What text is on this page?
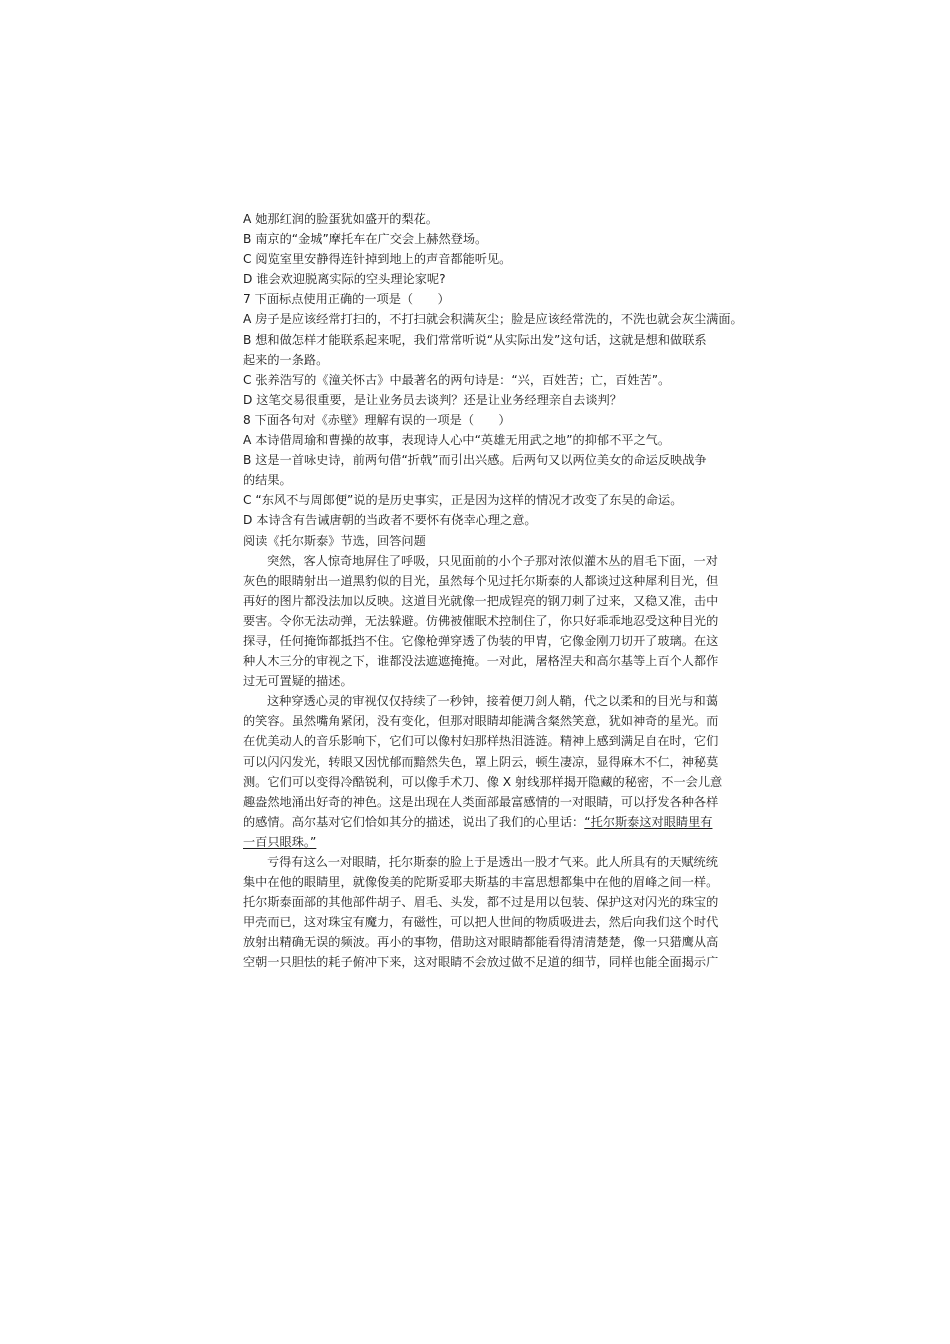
A 她那红润的脸蛋犹如盛开的梨花。
B 南京的“金城”摩托车在广交会上赫然登场。
C 阅览室里安静得连针掉到地上的声音都能听见。
D 谁会欢迎脱离实际的空头理论家呢?
7 下面标点使用正确的一项是（　　）
A 房子是应该经常打扫的，不打扫就会积满灰尘；脸是应该经常洗的，不洗也就会灰尘满面。
B 想和做怎样才能联系起来呢，我们常常听说“从实际出发”这句话，这就是想和做联系
起来的一条路。
C 张养浩写的《潼关怀古》中最著名的两句诗是：“兴，百姓苦；亡，百姓苦”。
D 这笔交易很重要，是让业务员去谈判？还是让业务经理亲自去谈判？
8 下面各句对《赤壁》理解有误的一项是（　　）
A 本诗借周瑜和曹操的故事，表现诗人心中“英雄无用武之地”的抑郁不平之气。
B 这是一首咏史诗，前两句借“折戟”而引出兴感。后两句又以两位美女的命运反映战争
的结果。
C “东风不与周郎便”说的是历史事实，正是因为这样的情况才改变了东吴的命运。
D 本诗含有告诫唐朝的当政者不要怀有侥幸心理之意。
阅读《托尔斯泰》节选，回答问题
突然，客人惊奇地屏住了呼吸，只见面前的小个子那对浓似灌木丛的眉毛下面，一对
灰色的眼睛射出一道黑豹似的目光，虽然每个见过托尔斯泰的人都谈过这种犀利目光，但
再好的图片都没法加以反映。这道目光就像一把成锃亮的钢刀刺了过来，又稳又准，击中
要害。令你无法动弹，无法躲避。仿佛被催眠术控制住了，你只好乖乖地忍受这种目光的
探寻，任何掩饰都抵挡不住。它像枪弹穿透了伪装的甲胄，它像金刚刀切开了玻璃。在这
种人木三分的审视之下，谁都没法遮遮掩掩。一对此，屠格涅夫和高尔基等上百个人都作
过无可置疑的描述。
这种穿透心灵的审视仅仅持续了一秒钟，接着便刀剑人鞘，代之以柔和的目光与和蔼
的笑容。虽然嘴角紧闭，没有变化，但那对眼睛却能满含粲然笑意，犹如神奇的星光。而
在优美动人的音乐影响下，它们可以像村妇那样热泪涟涟。精神上感到满足自在时，它们
可以闪闪发光，转眼又因忧郁而黯然失色，罩上阴云，顿生凄凉，显得麻木不仁，神秘莫
测。它们可以变得冷酷锐利，可以像手术刀、像 X 射线那样揭开隐藏的秘密，不一会儿意
趣盎然地涌出好奇的神色。这是出现在人类面部最富感情的一对眼睛，可以抒发各种各样
的感情。高尔基对它们恰如其分的描述，说出了我们的心里话：“托尔斯泰这对眼睛里有
一百只眼珠。”
亏得有这么一对眼睛，托尔斯泰的脸上于是透出一股才气来。此人所具有的天赋统统
集中在他的眼睛里，就像俊美的陀斯妥耶夫斯基的丰富思想都集中在他的眉峰之间一样。
托尔斯泰面部的其他部件胡子、眉毛、头发，都不过是用以包装、保护这对闪光的珠宝的
甲壳而已，这对珠宝有魔力，有磁性，可以把人世间的物质吸进去，然后向我们这个时代
放射出精确无误的频波。再小的事物，借助这对眼睛都能看得清清楚楚，像一只猎鹰从高
空朝一只胆怯的耗子俯冲下来，这对眼睛不会放过做不足道的细节，同样也能全面揭示广
